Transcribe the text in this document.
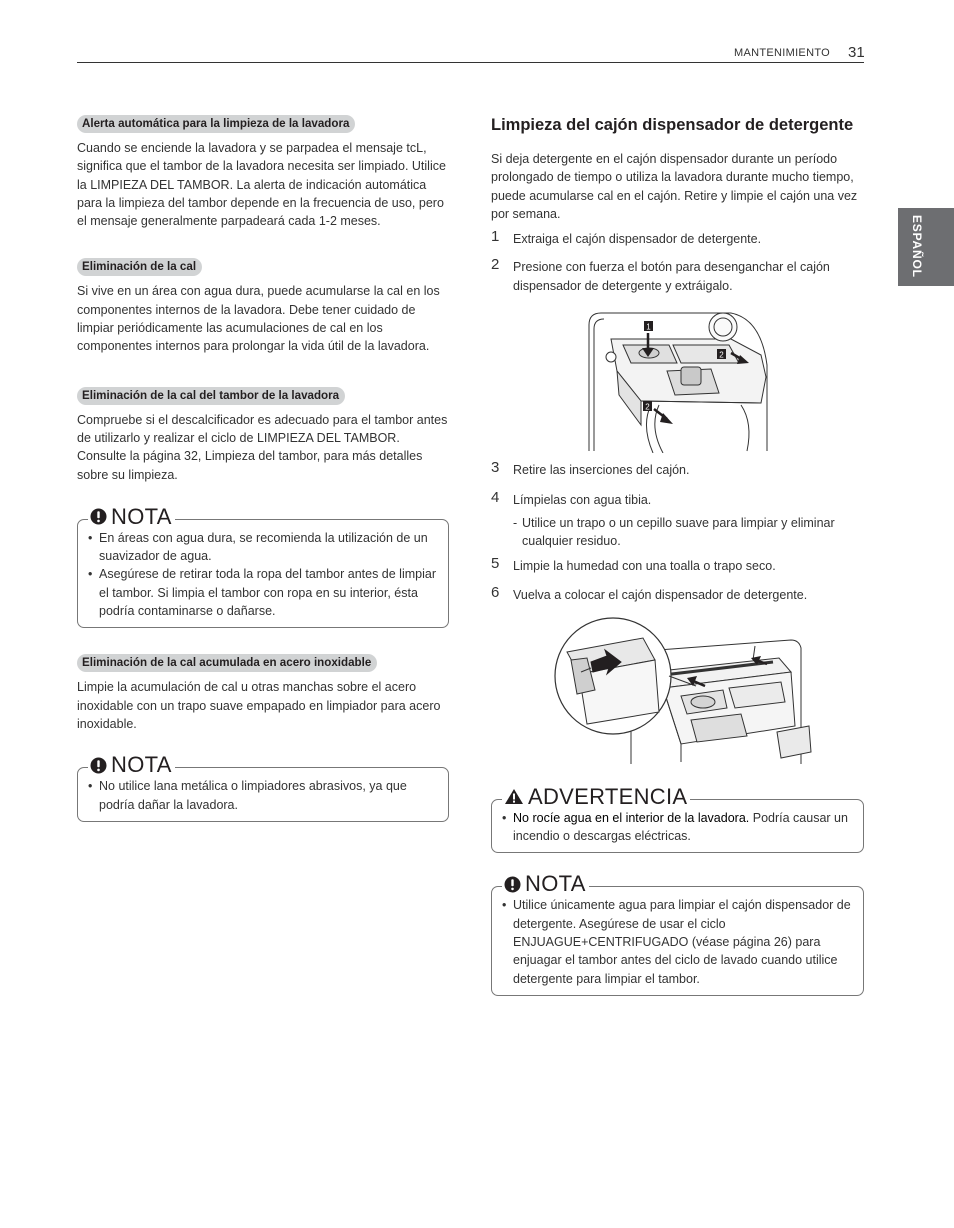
MANTENIMIENTO 31
ESPAÑOL
Alerta automática para la limpieza de la lavadora

Cuando se enciende la lavadora y se parpadea el mensaje tcL, significa que el tambor de la lavadora necesita ser limpiado. Utilice la LIMPIEZA DEL TAMBOR. La alerta de indicación automática para la limpieza del tambor depende en la frecuencia de uso, pero el mensaje generalmente parpadeará cada 1-2 meses.

Eliminación de la cal

Si vive en un área con agua dura, puede acumularse la cal en los componentes internos de la lavadora. Debe tener cuidado de limpiar periódicamente las acumulaciones de cal en los componentes internos para prolongar la vida útil de la lavadora.

Eliminación de la cal del tambor de la lavadora

Compruebe si el descalcificador es adecuado para el tambor antes de utilizarlo y realizar el ciclo de LIMPIEZA DEL TAMBOR. Consulte la página 32, Limpieza del tambor, para más detalles sobre su limpieza.

NOTA
• En áreas con agua dura, se recomienda la utilización de un suavizador de agua.
• Asegúrese de retirar toda la ropa del tambor antes de limpiar el tambor. Si limpia el tambor con ropa en su interior, ésta podría contaminarse o dañarse.
Eliminación de la cal acumulada en acero inoxidable

Limpie la acumulación de cal u otras manchas sobre el acero inoxidable con un trapo suave empapado en limpiador para acero inoxidable.

NOTA
• No utilice lana metálica o limpiadores abrasivos, ya que podría dañar la lavadora.
Limpieza del cajón dispensador de detergente

Si deja detergente en el cajón dispensador durante un período prolongado de tiempo o utiliza la lavadora durante mucho tiempo, puede acumularse cal en el cajón. Retire y limpie el cajón una vez por semana.

1 Extraiga el cajón dispensador de detergente.
2 Presione con fuerza el botón para desenganchar el cajón dispensador de detergente y extráigalo.
1
2
2
3 Retire las inserciones del cajón.
4 Límpielas con agua tibia.
- Utilice un trapo o un cepillo suave para limpiar y eliminar cualquier residuo.
5 Limpie la humedad con una toalla o trapo seco.
6 Vuelva a colocar el cajón dispensador de detergente.
ADVERTENCIA
• No rocíe agua en el interior de la lavadora. Podría causar un incendio o descargas eléctricas.
NOTA
• Utilice únicamente agua para limpiar el cajón dispensador de detergente. Asegúrese de usar el ciclo ENJUAGUE+CENTRIFUGADO (véase página 26) para enjuagar el tambor antes del ciclo de lavado cuando utilice detergente para limpiar el tambor.
